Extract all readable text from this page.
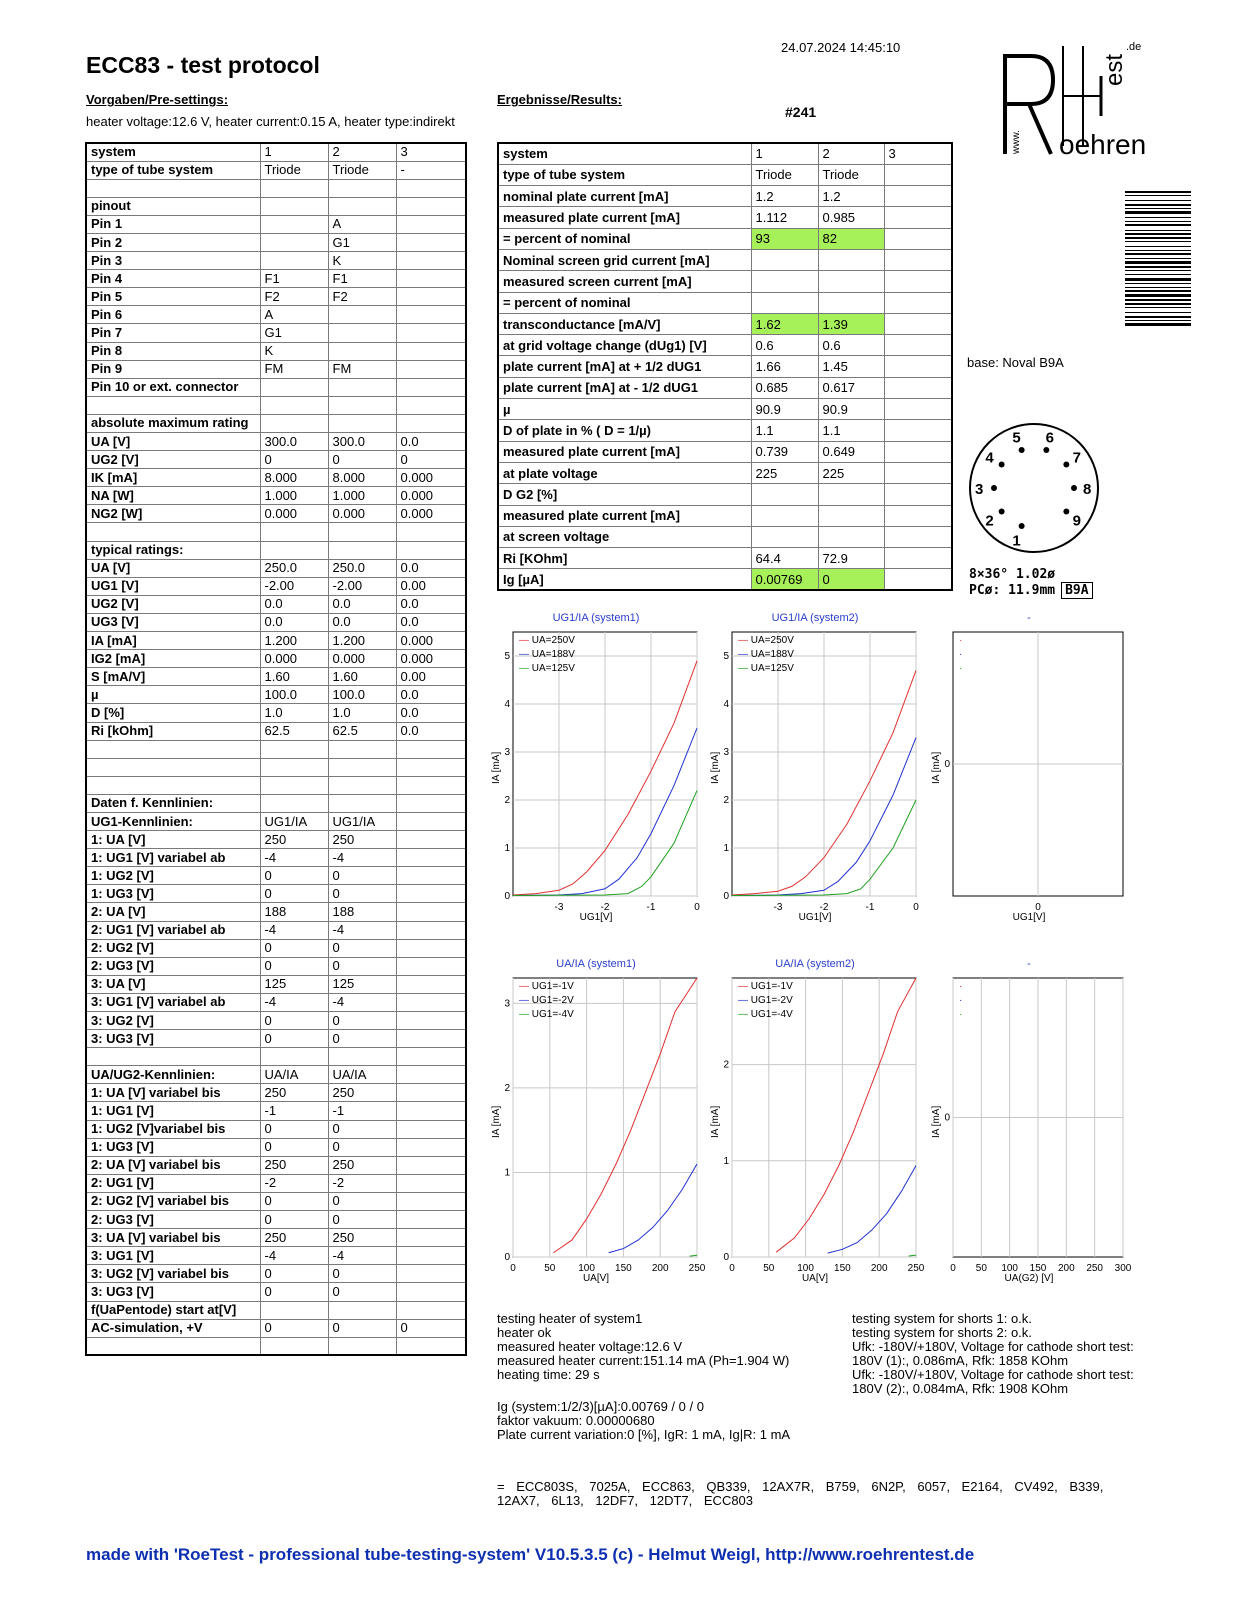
24.07.2024 14:45:10
ECC83 - test protocol
Vorgaben/Pre-settings:	Ergebnisse/Results:
heater voltage:12.6 V, heater current:0.15 A, heater type:indirekt
#241
est
.de
oehren
www.
system	1	2	3
type of tube system	Triode	Triode	-

pinout			
Pin 1		A	
Pin 2		G1	
Pin 3		K	
Pin 4	F1	F1	
Pin 5	F2	F2	
Pin 6	A		
Pin 7	G1		
Pin 8	K		
Pin 9	FM	FM	
Pin 10 or ext. connector			

absolute maximum rating			
UA [V]	300.0	300.0	0.0
UG2 [V]	0	0	0
IK [mA]	8.000	8.000	0.000
NA [W]	1.000	1.000	0.000
NG2 [W]	0.000	0.000	0.000

typical ratings:			
UA [V]	250.0	250.0	0.0
UG1 [V]	-2.00	-2.00	0.00
UG2 [V]	0.0	0.0	0.0
UG3 [V]	0.0	0.0	0.0
IA [mA]	1.200	1.200	0.000
IG2 [mA]	0.000	0.000	0.000
S [mA/V]	1.60	1.60	0.00
µ	100.0	100.0	0.0
D [%]	1.0	1.0	0.0
Ri [kOhm]	62.5	62.5	0.0

Daten f. Kennlinien:			
UG1-Kennlinien:	UG1/IA	UG1/IA	
1: UA [V]	250	250	
1: UG1 [V] variabel ab	-4	-4	
1: UG2 [V]	0	0	
1: UG3 [V]	0	0	
2: UA [V]	188	188	
2: UG1 [V] variabel ab	-4	-4	
2: UG2 [V]	0	0	
2: UG3 [V]	0	0	
3: UA [V]	125	125	
3: UG1 [V] variabel ab	-4	-4	
3: UG2 [V]	0	0	
3: UG3 [V]	0	0	

UA/UG2-Kennlinien:	UA/IA	UA/IA	
1: UA [V] variabel bis	250	250	
1: UG1 [V]	-1	-1	
1: UG2 [V]variabel bis	0	0	
1: UG3 [V]	0	0	
2: UA [V] variabel bis	250	250	
2: UG1 [V]	-2	-2	
2: UG2 [V] variabel bis	0	0	
2: UG3 [V]	0	0	
3: UA [V] variabel bis	250	250	
3: UG1 [V]	-4	-4	
3: UG2 [V] variabel bis	0	0	
3: UG3 [V]	0	0	
f(UaPentode) start at[V]			
AC-simulation, +V	0	0	0

system	1	2	3
type of tube system	Triode	Triode	
nominal plate current [mA]	1.2	1.2	
measured plate current [mA]	1.112	0.985	
= percent of nominal	93	82	
Nominal screen grid current [mA]			
measured screen current [mA]			
= percent of nominal			
transconductance [mA/V]	1.62	1.39	
at grid voltage change (dUg1) [V]	0.6	0.6	
plate current [mA] at + 1/2 dUG1	1.66	1.45	
plate current [mA] at - 1/2 dUG1	0.685	0.617	
µ	90.9	90.9	
D of plate in % ( D = 1/µ)	1.1	1.1	
measured plate current [mA]	0.739	0.649	
at plate voltage	225	225	
D G2 [%]			
measured plate current [mA]			
at screen voltage			
Ri [KOhm]	64.4	72.9	
Ig [µA]	0.00769	0	
base: Noval B9A
1
2
3
4
5 6
7
8
9
8×36° 1.02ø
PCø: 11.9mm B9A
UG1/IA (system1)
-3	-2	-1	0
0
1
2
3
4
5
— UA=250V
— UA=188V
— UA=125V
UG1[V]
IA [mA]
UG1/IA (system2)
-3	-2	-1	0
0
1
2
3
4
5
— UA=250V
— UA=188V
— UA=125V
UG1[V]
IA [mA]
-
0
0
·
·
·
UG1[V]
IA [mA]
UA/IA (system1)
0	50 100 150 200 250
0
1
2
3
— UG1=-1V
— UG1=-2V
— UG1=-4V
UA[V]
IA [mA]
UA/IA (system2)
0	50 100 150 200 250
0
1
2
— UG1=-1V
— UG1=-2V
— UG1=-4V
UA[V]
IA [mA]
-
0 50 100 150 200 250 300
0
·
·
·
UA(G2) [V]
IA [mA]
testing heater of system1
heater ok
measured heater voltage:12.6 V
measured heater current:151.14 mA (Ph=1.904 W)
heating time: 29 s
testing system for shorts 1: o.k.
testing system for shorts 2: o.k.
Ufk: -180V/+180V, Voltage for cathode short test:
180V (1):, 0.086mA, Rfk: 1858 KOhm
Ufk: -180V/+180V, Voltage for cathode short test:
180V (2):, 0.084mA, Rfk: 1908 KOhm
Ig (system:1/2/3)[µA]:0.00769 / 0 / 0
faktor vakuum: 0.00000680
Plate current variation:0 [%], IgR: 1 mA, Ig|R: 1 mA
= ECC803S, 7025A, ECC863, QB339, 12AX7R, B759, 6N2P, 6057, E2164, CV492, B339, 12AX7, 6L13, 12DF7, 12DT7, ECC803
made with 'RoeTest - professional tube-testing-system' V10.5.3.5 (c) - Helmut Weigl, http://www.roehrentest.de
